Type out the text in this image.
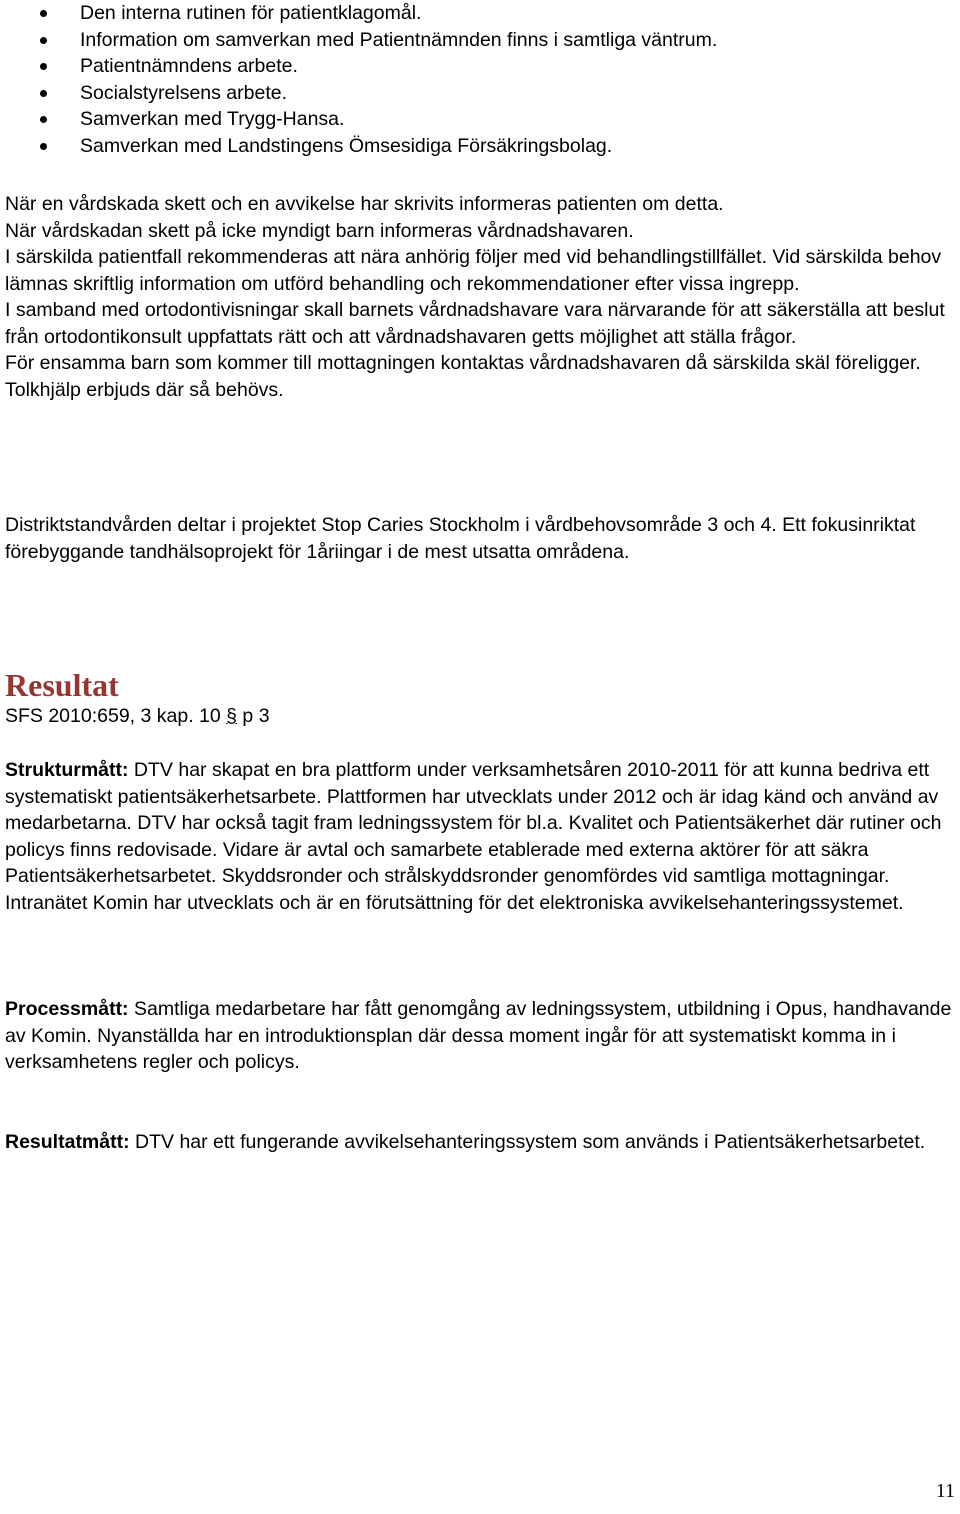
Den interna rutinen för patientklagomål.
Information om samverkan med Patientnämnden finns i samtliga väntrum.
Patientnämndens arbete.
Socialstyrelsens arbete.
Samverkan med Trygg-Hansa.
Samverkan med Landstingens Ömsesidiga Försäkringsbolag.

När en vårdskada skett och en avvikelse har skrivits informeras patienten om detta.

När vårdskadan skett på icke myndigt barn informeras vårdnadshavaren.

I särskilda patientfall rekommenderas att nära anhörig följer med vid behandlingstillfället. Vid särskilda behov lämnas skriftlig information om utförd behandling och rekommendationer efter vissa ingrepp.

I samband med ortodontivisningar skall barnets vårdnadshavare vara närvarande för att säkerställa att beslut från ortodontikonsult uppfattats rätt och att vårdnadshavaren getts möjlighet att ställa frågor.

För ensamma barn som kommer till mottagningen kontaktas vårdnadshavaren då särskilda skäl föreligger.

Tolkhjälp erbjuds där så behövs.

Distriktstandvården deltar i projektet Stop Caries Stockholm i vårdbehovsområde 3 och 4. Ett fokusinriktat förebyggande tandhälsoprojekt för 1åriingar i de mest utsatta områdena.

Resultat

SFS 2010:659, 3 kap. 10 § p 3

Strukturmått: DTV har skapat en bra plattform under verksamhetsåren 2010-2011 för att kunna bedriva ett systematiskt patientsäkerhetsarbete. Plattformen har utvecklats under 2012 och är idag känd och använd av medarbetarna. DTV har också tagit fram ledningssystem för bl.a. Kvalitet och Patientsäkerhet där rutiner och policys finns redovisade. Vidare är avtal och samarbete etablerade med externa aktörer för att säkra Patientsäkerhetsarbetet. Skyddsronder och strålskyddsronder genomfördes vid samtliga mottagningar. Intranätet Komin har utvecklats och är en förutsättning för det elektroniska avvikelsehanteringssystemet.

Processmått: Samtliga medarbetare har fått genomgång av ledningssystem, utbildning i Opus, handhavande av Komin. Nyanställda har en introduktionsplan där dessa moment ingår för att systematiskt komma in i verksamhetens regler och policys.

Resultatmått: DTV har ett fungerande avvikelsehanteringssystem som används i Patientsäkerhetsarbetet.

11
